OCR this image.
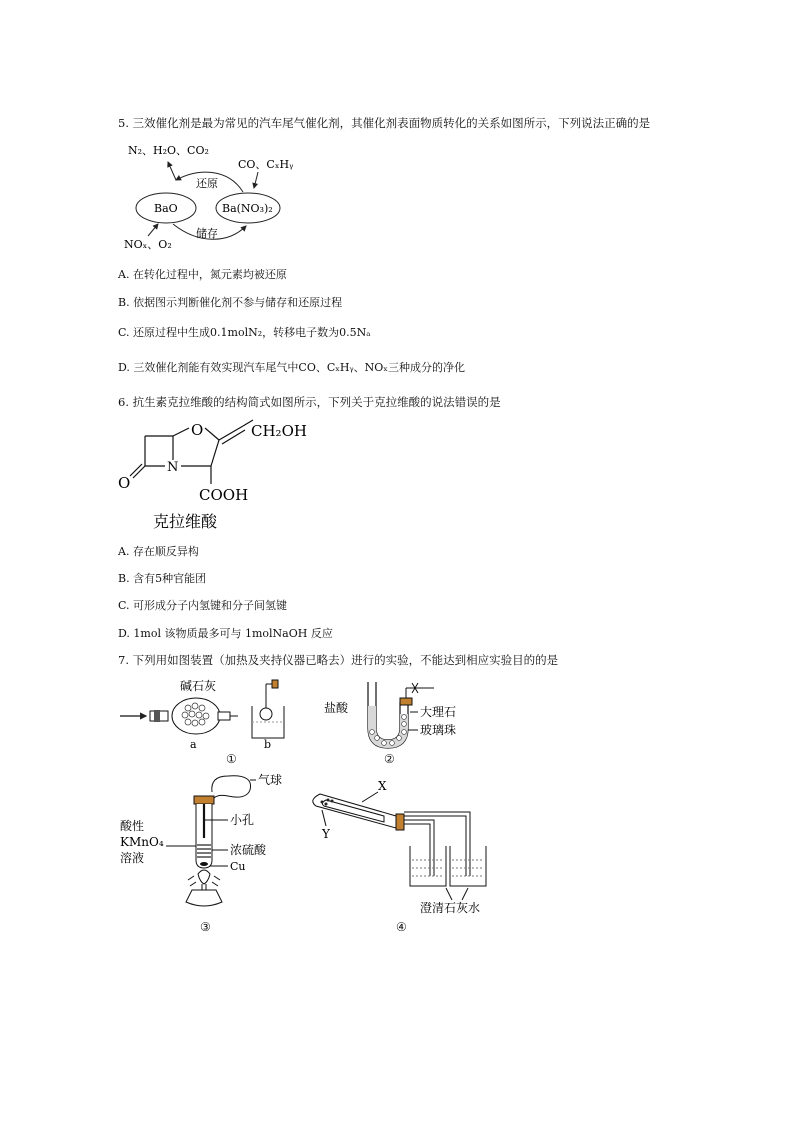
5. 三效催化剂是最为常见的汽车尾气催化剂，其催化剂表面物质转化的关系如图所示，下列说法正确的是
N₂、H₂O、CO₂
CO、CₓHᵧ
还原
BaO	Ba(NO₃)₂
储存
NOₓ、O₂
A. 在转化过程中，氮元素均被还原
B. 依据图示判断催化剂不参与储存和还原过程
C. 还原过程中生成0.1molN₂，转移电子数为0.5Nₐ
D. 三效催化剂能有效实现汽车尾气中CO、CₓHᵧ、NOₓ三种成分的净化
6. 抗生素克拉维酸的结构简式如图所示，下列关于克拉维酸的说法错误的是
O
N
O	CH₂OH
COOH
克拉维酸
A. 存在顺反异构
B. 含有5种官能团
C. 可形成分子内氢键和分子间氢键
D. 1mol 该物质最多可与 1molNaOH 反应
7. 下列用如图装置（加热及夹持仪器已略去）进行的实验，不能达到相应实验目的的是
碱石灰
a	b
①
盐酸	大理石
玻璃珠
②
气球
小孔
浓硫酸
Cu
酸性
KMnO₄
溶液
③
X
Y
澄清石灰水
④
